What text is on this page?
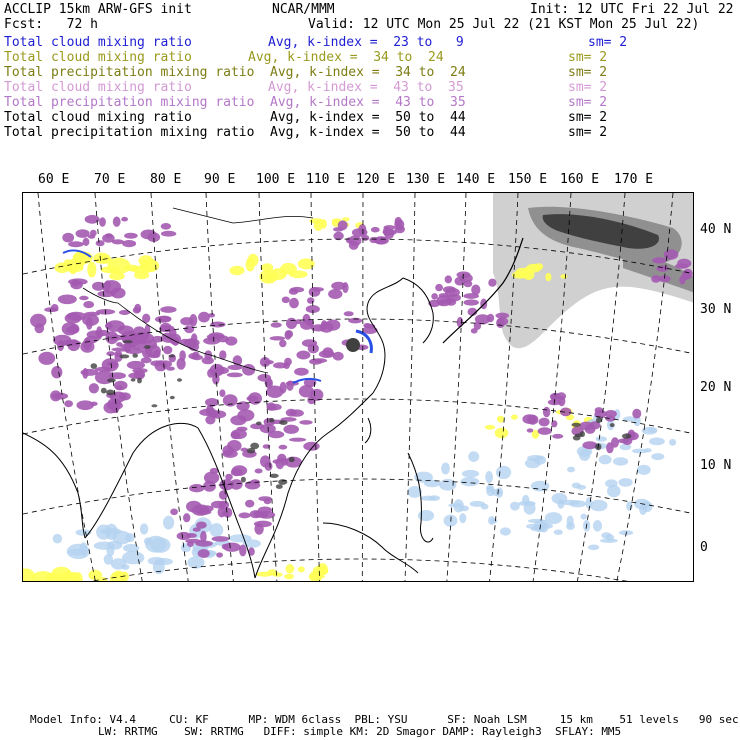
ACCLIP 15km ARW-GFS init	NCAR/MMM	Init: 12 UTC Fri 22 Jul 22
Fcst:   72 h	Valid: 12 UTC Mon 25 Jul 22 (21 KST Mon 25 Jul 22)
Total cloud mixing ratio	Avg, k-index =  23 to   9	sm= 2
Total cloud mixing ratio	Avg, k-index =  34 to  24	sm= 2
Total precipitation mixing ratio Avg, k-index =  34 to  24	sm= 2
Total cloud mixing ratio	Avg, k-index =  43 to  35	sm= 2
Total precipitation mixing ratio Avg, k-index =  43 to  35	sm= 2
Total cloud mixing ratio	Avg, k-index =  50 to  44	sm= 2
Total precipitation mixing ratio Avg, k-index =  50 to  44	sm= 2
60 E 70 E 80 E 90 E 100 E 110 E 120 E 130 E 140 E 150 E 160 E 170 E
40 N
30 N
20 N
10 N
0
Model Info: V4.4     CU: KF      MP: WDM 6class  PBL: YSU      SF: Noah LSM     15 km    51 levels   90 sec
LW: RRTMG    SW: RRTMG   DIFF: simple KM: 2D Smagor DAMP: Rayleigh3  SFLAY: MM5
